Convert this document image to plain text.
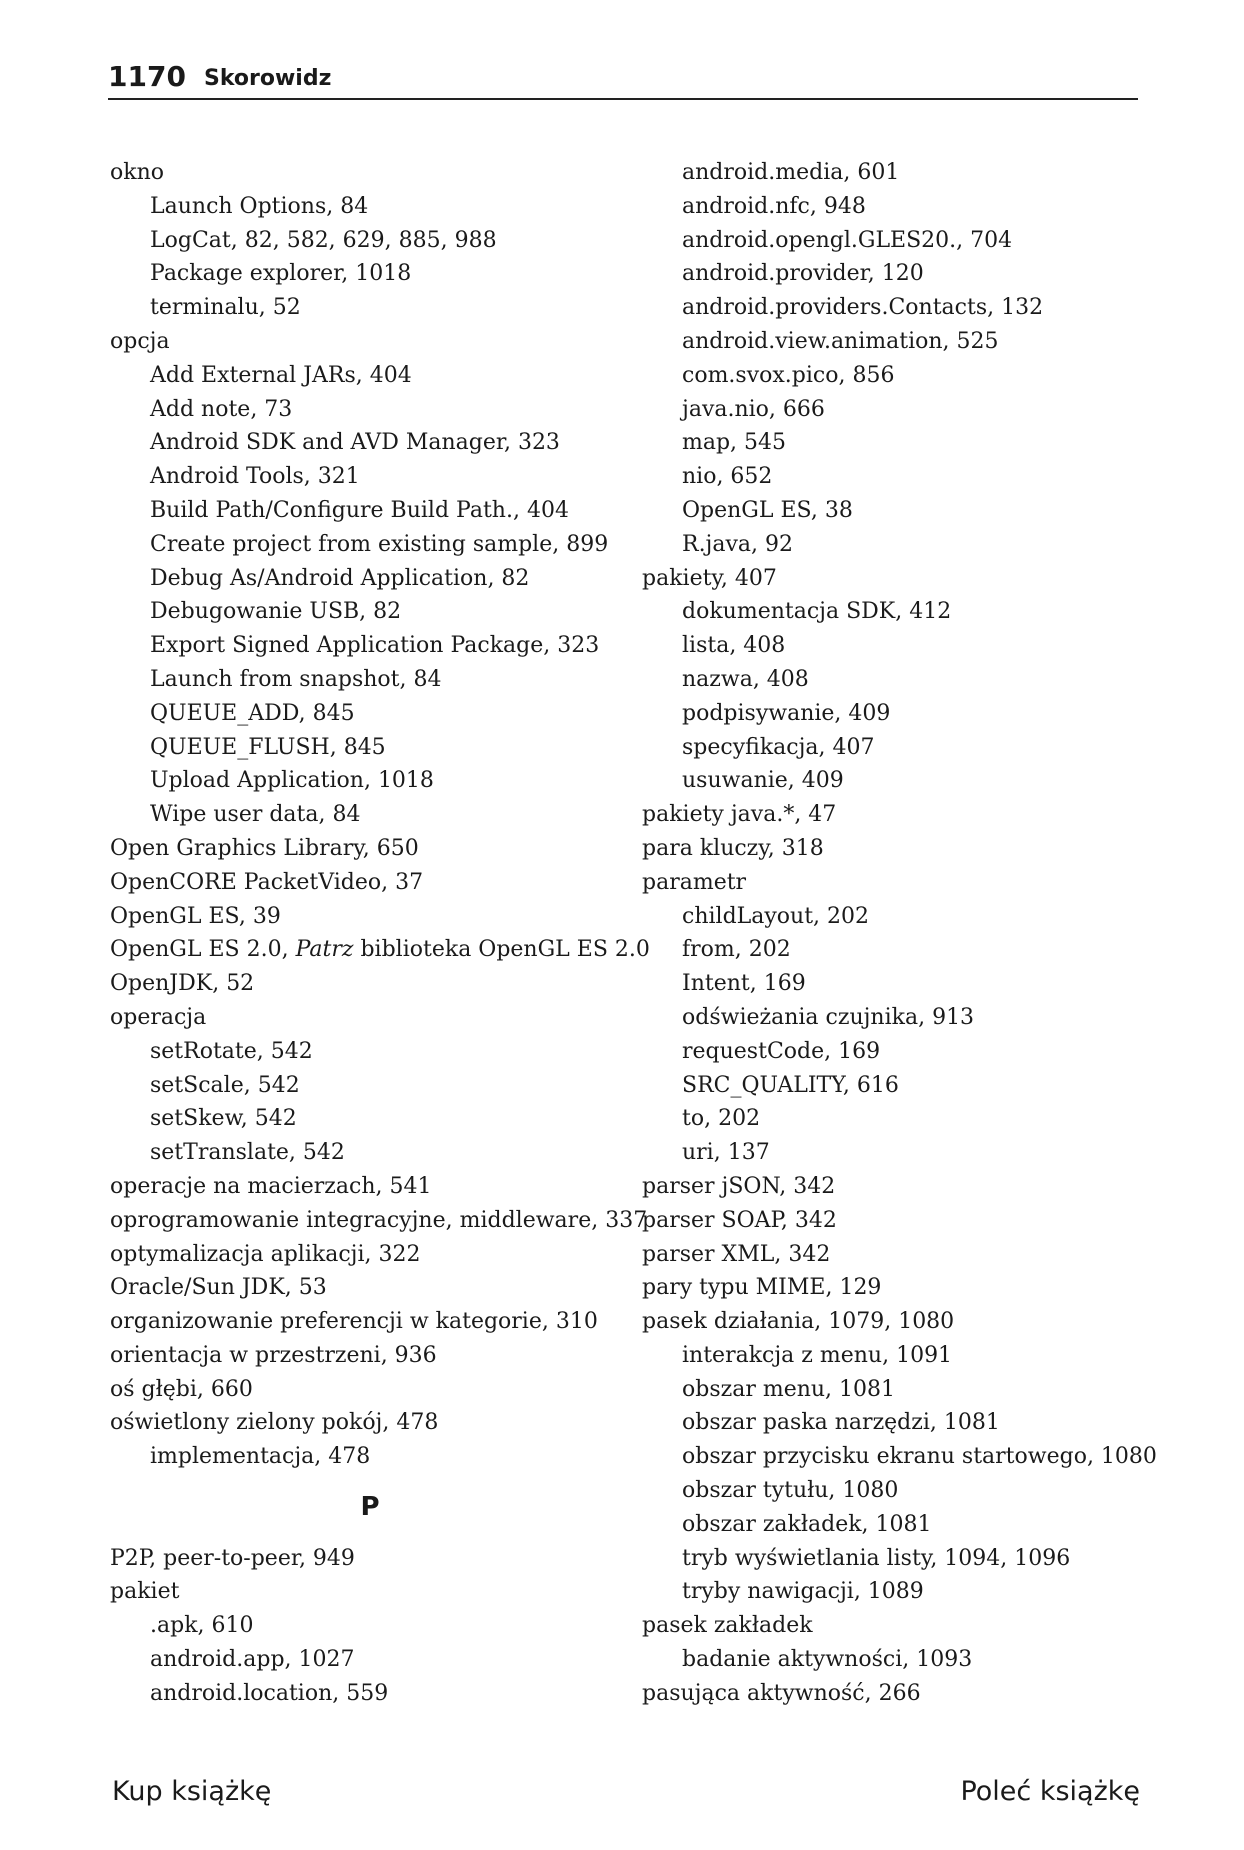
1170 Skorowidz
okno
Launch Options, 84
LogCat, 82, 582, 629, 885, 988
Package explorer, 1018
terminalu, 52
opcja
Add External JARs, 404
Add note, 73
Android SDK and AVD Manager, 323
Android Tools, 321
Build Path/Configure Build Path., 404
Create project from existing sample, 899
Debug As/Android Application, 82
Debugowanie USB, 82
Export Signed Application Package, 323
Launch from snapshot, 84
QUEUE_ADD, 845
QUEUE_FLUSH, 845
Upload Application, 1018
Wipe user data, 84
Open Graphics Library, 650
OpenCORE PacketVideo, 37
OpenGL ES, 39
OpenGL ES 2.0, Patrz biblioteka OpenGL ES 2.0
OpenJDK, 52
operacja
setRotate, 542
setScale, 542
setSkew, 542
setTranslate, 542
operacje na macierzach, 541
oprogramowanie integracyjne, middleware, 337
optymalizacja aplikacji, 322
Oracle/Sun JDK, 53
organizowanie preferencji w kategorie, 310
orientacja w przestrzeni, 936
oś głębi, 660
oświetlony zielony pokój, 478
implementacja, 478
P
P2P, peer-to-peer, 949
pakiet
.apk, 610
android.app, 1027
android.location, 559
android.media, 601
android.nfc, 948
android.opengl.GLES20., 704
android.provider, 120
android.providers.Contacts, 132
android.view.animation, 525
com.svox.pico, 856
java.nio, 666
map, 545
nio, 652
OpenGL ES, 38
R.java, 92
pakiety, 407
dokumentacja SDK, 412
lista, 408
nazwa, 408
podpisywanie, 409
specyfikacja, 407
usuwanie, 409
pakiety java.*, 47
para kluczy, 318
parametr
childLayout, 202
from, 202
Intent, 169
odświeżania czujnika, 913
requestCode, 169
SRC_QUALITY, 616
to, 202
uri, 137
parser jSON, 342
parser SOAP, 342
parser XML, 342
pary typu MIME, 129
pasek działania, 1079, 1080
interakcja z menu, 1091
obszar menu, 1081
obszar paska narzędzi, 1081
obszar przycisku ekranu startowego, 1080
obszar tytułu, 1080
obszar zakładek, 1081
tryb wyświetlania listy, 1094, 1096
tryby nawigacji, 1089
pasek zakładek
badanie aktywności, 1093
pasująca aktywność, 266
Kup książkę	Poleć książkę
